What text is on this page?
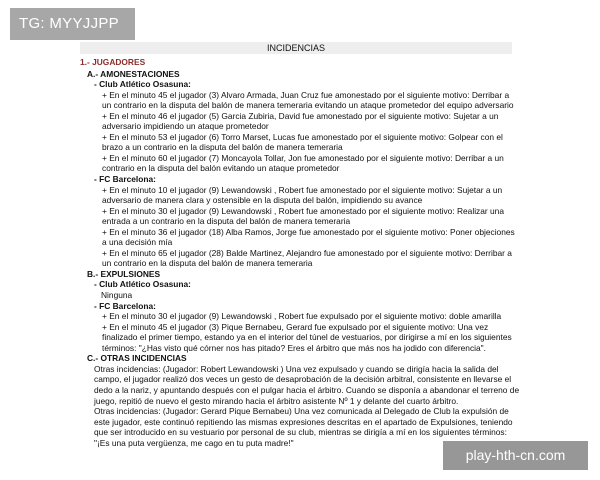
TG: MYYJJPP
INCIDENCIAS
1.- JUGADORES
A.- AMONESTACIONES
- Club Atlético Osasuna:
+ En el minuto 45 el jugador (3) Alvaro Armada, Juan Cruz fue amonestado por el siguiente motivo: Derribar a un contrario en la disputa del balón de manera temeraria evitando un ataque prometedor del equipo adversario
+ En el minuto 46 el jugador (5) Garcia Zubiria, David fue amonestado por el siguiente motivo: Sujetar a un adversario impidiendo un ataque prometedor
+ En el minuto 53 el jugador (6) Torro Marset, Lucas fue amonestado por el siguiente motivo: Golpear con el brazo a un contrario en la disputa del balón de manera temeraria
+ En el minuto 60 el jugador (7) Moncayola Tollar, Jon fue amonestado por el siguiente motivo: Derribar a un contrario en la disputa del balón evitando un ataque prometedor
- FC Barcelona:
+ En el minuto 10 el jugador (9) Lewandowski , Robert fue amonestado por el siguiente motivo: Sujetar a un adversario de manera clara y ostensible en la disputa del balón, impidiendo su avance
+ En el minuto 30 el jugador (9) Lewandowski , Robert fue amonestado por el siguiente motivo: Realizar una entrada a un contrario en la disputa del balón de manera temeraria
+ En el minuto 36 el jugador (18) Alba Ramos, Jorge fue amonestado por el siguiente motivo: Poner objeciones a una decisión mía
+ En el minuto 65 el jugador (28) Balde Martinez, Alejandro fue amonestado por el siguiente motivo: Derribar a un contrario en la disputa del balón de manera temeraria
B.- EXPULSIONES
- Club Atlético Osasuna:
Ninguna
- FC Barcelona:
+ En el minuto 30 el jugador (9) Lewandowski , Robert fue expulsado por el siguiente motivo: doble amarilla
+ En el minuto 45 el jugador (3) Pique Bernabeu, Gerard fue expulsado por el siguiente motivo: Una vez finalizado el primer tiempo, estando ya en el interior del túnel de vestuarios, por dirigirse a mí en los siguientes términos: "¿Has visto qué córner nos has pitado? Eres el árbitro que más nos ha jodido con diferencia".
C.- OTRAS INCIDENCIAS
Otras incidencias: (Jugador: Robert Lewandowski ) Una vez expulsado y cuando se dirigía hacia la salida del campo, el jugador realizó dos veces un gesto de desaprobación de la decisión arbitral, consistente en llevarse el dedo a la nariz, y apuntando después con el pulgar hacia el árbitro. Cuando se disponía a abandonar el terreno de juego, repitió de nuevo el gesto mirando hacia el árbitro asistente Nº 1 y delante del cuarto árbitro.
Otras incidencias: (Jugador: Gerard Pique Bernabeu) Una vez comunicada al Delegado de Club la expulsión de este jugador, este continuó repitiendo las mismas expresiones descritas en el apartado de Expulsiones, teniendo que ser introducido en su vestuario por personal de su club, mientras se dirigía a mí en los siguientes términos: "¡Es una puta vergüenza, me cago en tu puta madre!"
play-hth-cn.com
